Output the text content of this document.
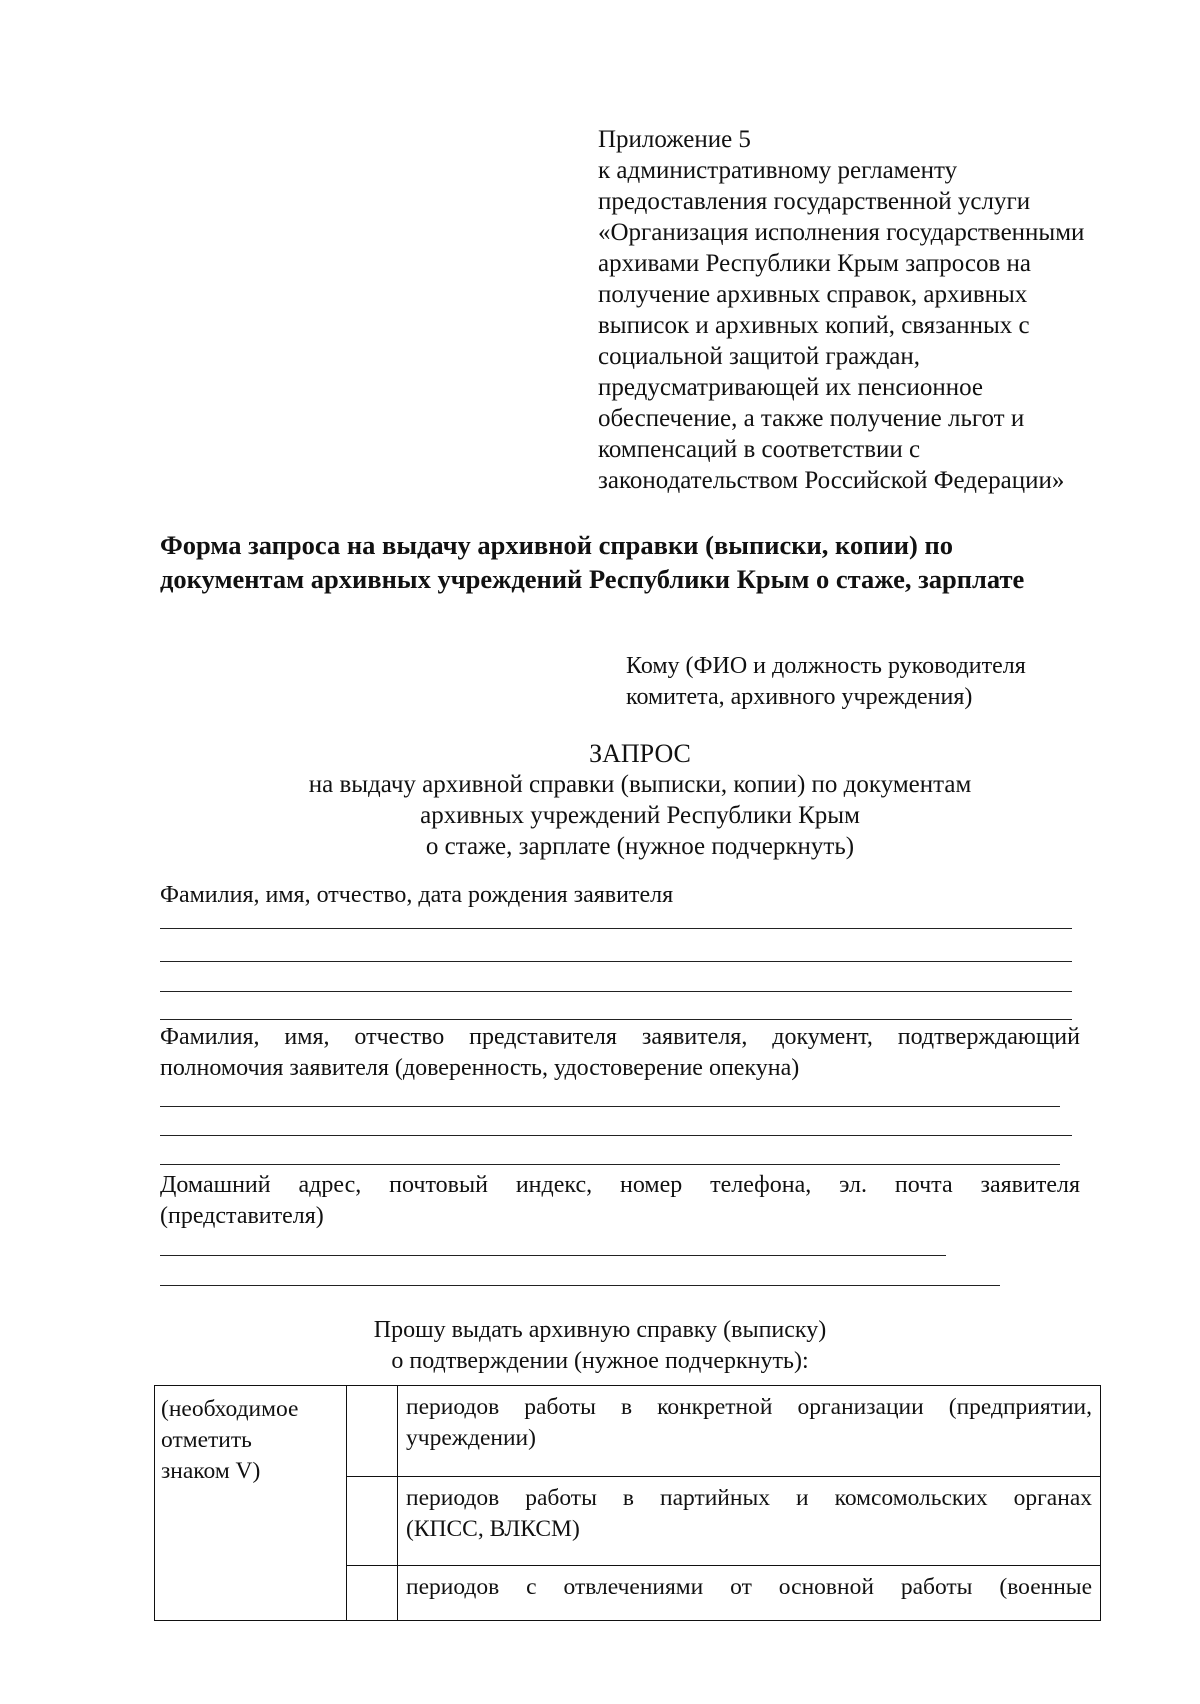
Приложение 5
к административному регламенту
предоставления государственной услуги
«Организация исполнения государственными
архивами Республики Крым запросов на
получение архивных справок, архивных
выписок и архивных копий, связанных с
социальной защитой граждан,
предусматривающей их пенсионное
обеспечение, а также получение льгот и
компенсаций в соответствии с
законодательством Российской Федерации»
Форма запроса на выдачу архивной справки (выписки, копии) по
документам архивных учреждений Республики Крым о стаже, зарплате
Кому (ФИО и должность руководителя
комитета, архивного учреждения)
ЗАПРОС
на выдачу архивной справки (выписки, копии) по документам
архивных учреждений Республики Крым
о стаже, зарплате (нужное подчеркнуть)
Фамилия, имя, отчество, дата рождения заявителя
Фамилия, имя, отчество представителя заявителя, документ, подтверждающий
полномочия заявителя (доверенность, удостоверение опекуна)
Домашний адрес, почтовый индекс, номер телефона, эл. почта заявителя
(представителя)
Прошу выдать архивную справку (выписку)
о подтверждении (нужное подчеркнуть):
(необходимое
отметить
знаком V)		периодов работы в конкретной организации (предприятии,
учреждении)

		периодов работы в партийных и комсомольских органах
(КПСС, ВЛКСМ)

		периодов с отвлечениями от основной работы (военные
